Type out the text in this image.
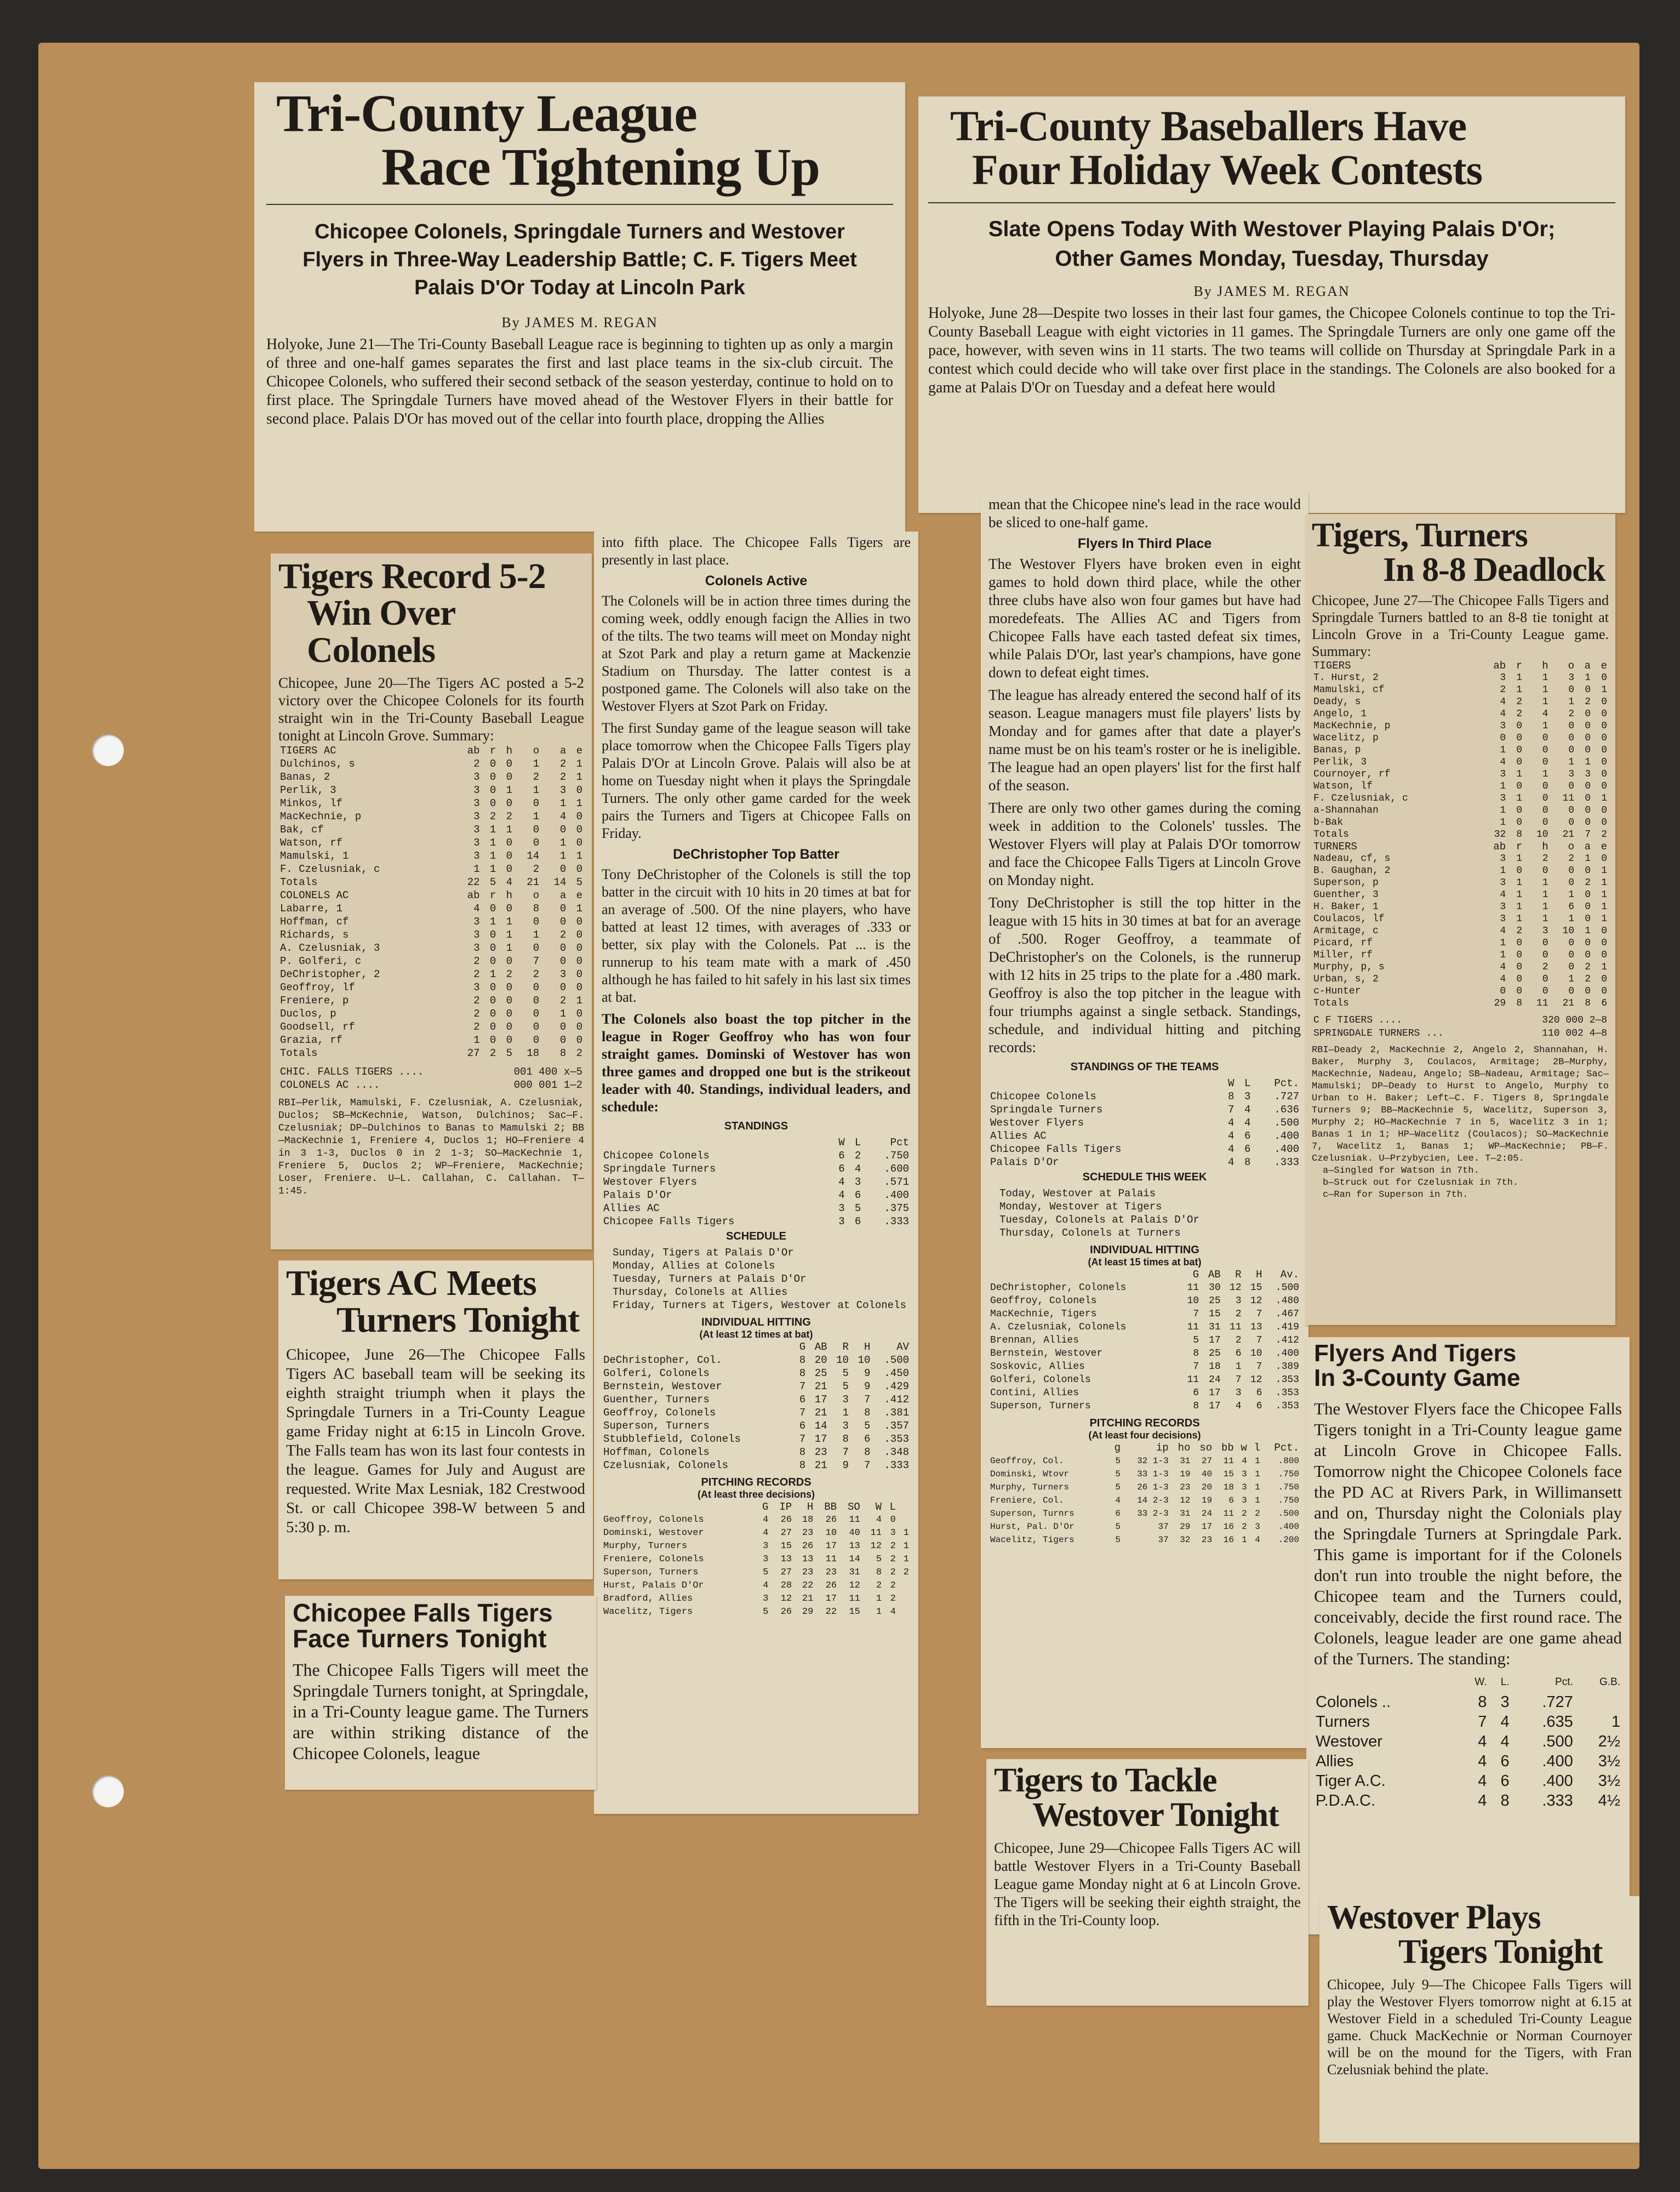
Tri-County League

Race Tightening Up

Chicopee Colonels, Springdale Turners and Westover Flyers in Three-Way Leadership Battle; C. F. Tigers Meet Palais D'Or Today at Lincoln Park

By JAMES M. REGAN

Holyoke, June 21—The Tri-County Baseball League race is beginning to tighten up as only a margin of three and one-half games separates the first and last place teams in the six-club circuit. The Chicopee Colonels, who suffered their second setback of the season yesterday, continue to hold on to first place. The Springdale Turners have moved ahead of the Westover Flyers in their battle for second place. Palais D'Or has moved out of the cellar into fourth place, dropping the Allies

into fifth place. The Chicopee Falls Tigers are presently in last place.

Colonels Active

The Colonels will be in action three times during the coming week, oddly enough facign the Allies in two of the tilts. The two teams will meet on Monday night at Szot Park and play a return game at Mackenzie Stadium on Thursday. The latter contest is a postponed game. The Colonels will also take on the Westover Flyers at Szot Park on Friday.

The first Sunday game of the league season will take place tomorrow when the Chicopee Falls Tigers play Palais D'Or at Lincoln Grove. Palais will also be at home on Tuesday night when it plays the Springdale Turners. The only other game carded for the week pairs the Turners and Tigers at Chicopee Falls on Friday.

DeChristopher Top Batter

Tony DeChristopher of the Colonels is still the top batter in the circuit with 10 hits in 20 times at bat for an average of .500. Of the nine players, who have batted at least 12 times, with averages of .333 or better, six play with the Colonels. Pat ... is the runnerup to his team mate with a mark of .450 although he has failed to hit safely in his last six times at bat.

The Colonels also boast the top pitcher in the league in Roger Geoffroy who has won four straight games. Dominski of Westover has won three games and dropped one but is the strikeout leader with 40. Standings, individual leaders, and schedule:

STANDINGS

	W	L	Pct
Chicopee Colonels	6	2	.750
Springdale Turners	6	4	.600
Westover Flyers	4	3	.571
Palais D'Or	4	6	.400
Allies AC	3	5	.375
Chicopee Falls Tigers	3	6	.333

SCHEDULE

Sunday, Tigers at Palais D'Or
Monday, Allies at Colonels
Tuesday, Turners at Palais D'Or
Thursday, Colonels at Allies
Friday, Turners at Tigers, Westover at Colonels

INDIVIDUAL HITTING

(At least 12 times at bat)

	G	AB	R	H	AV
DeChristopher, Col.	8	20	10	10	.500
Golferi, Colonels	8	25	5	9	.450
Bernstein, Westover	7	21	5	9	.429
Guenther, Turners	6	17	3	7	.412
Geoffroy, Colonels	7	21	1	8	.381
Superson, Turners	6	14	3	5	.357
Stubblefield, Colonels	7	17	8	6	.353
Hoffman, Colonels	8	23	7	8	.348
Czelusniak, Colonels	8	21	9	7	.333

PITCHING RECORDS

(At least three decisions)

	G	IP	H	BB	SO	W	L	
Geoffroy, Colonels	4	26	18	26	11	4	0	
Dominski, Westover	4	27	23	10	40	11	3	1
Murphy, Turners	3	15	26	17	13	12	2	1
Freniere, Colonels	3	13	13	11	14	5	2	1
Superson, Turners	5	27	23	23	31	8	2	2
Hurst, Palais D'Or	4	28	22	26	12	2	2	
Bradford, Allies	3	12	21	17	11	1	2	
Wacelitz, Tigers	5	26	29	22	15	1	4	

Tigers Record 5-2

Win Over Colonels

Chicopee, June 20—The Tigers AC posted a 5-2 victory over the Chicopee Colonels for its fourth straight win in the Tri-County Baseball League tonight at Lincoln Grove. Summary:

TIGERS AC	ab	r	h	o	a	e
Dulchinos, s	2	0	0	1	2	1
Banas, 2	3	0	0	2	2	1
Perlik, 3	3	0	1	1	3	0
Minkos, lf	3	0	0	0	1	1
MacKechnie, p	3	2	2	1	4	0
Bak, cf	3	1	1	0	0	0
Watson, rf	3	1	0	0	1	0
Mamulski, 1	3	1	0	14	1	1
F. Czelusniak, c	1	1	0	2	0	0
Totals	22	5	4	21	14	5
COLONELS AC	ab	r	h	o	a	e
Labarre, 1	4	0	0	8	0	1
Hoffman, cf	3	1	1	0	0	0
Richards, s	3	0	1	1	2	0
A. Czelusniak, 3	3	0	1	0	0	0
P. Golferi, c	2	0	0	7	0	0
DeChristopher, 2	2	1	2	2	3	0
Geoffroy, lf	3	0	0	0	0	0
Freniere, p	2	0	0	0	2	1
Duclos, p	2	0	0	0	1	0
Goodsell, rf	2	0	0	0	0	0
Grazia, rf	1	0	0	0	0	0
Totals	27	2	5	18	8	2
CHIC. FALLS TIGERS ....	001 400 x—5
COLONELS AC ....	000 001 1—2

RBI—Perlik, Mamulski, F. Czelusniak, A. Czelusniak, Duclos; SB—McKechnie, Watson, Dulchinos; Sac—F. Czelusniak; DP—Dulchinos to Banas to Mamulski 2; BB—MacKechnie 1, Freniere 4, Duclos 1; HO—Freniere 4 in 3 1-3, Duclos 0 in 2 1-3; SO—MacKechnie 1, Freniere 5, Duclos 2; WP—Freniere, MacKechnie; Loser, Freniere. U—L. Callahan, C. Callahan. T—1:45.

Tigers AC Meets

Turners Tonight

Chicopee, June 26—The Chicopee Falls Tigers AC baseball team will be seeking its eighth straight triumph when it plays the Springdale Turners in a Tri-County League game Friday night at 6:15 in Lincoln Grove. The Falls team has won its last four contests in the league. Games for July and August are requested. Write Max Lesniak, 182 Crestwood St. or call Chicopee 398-W between 5 and 5:30 p. m.

Chicopee Falls Tigers

Face Turners Tonight

The Chicopee Falls Tigers will meet the Springdale Turners tonight, at Springdale, in a Tri-County league game. The Turners are within striking distance of the Chicopee Colonels, league

Tri-County Baseballers Have

Four Holiday Week Contests

Slate Opens Today With Westover Playing Palais D'Or; Other Games Monday, Tuesday, Thursday

By JAMES M. REGAN

Holyoke, June 28—Despite two losses in their last four games, the Chicopee Colonels continue to top the Tri-County Baseball League with eight victories in 11 games. The Springdale Turners are only one game off the pace, however, with seven wins in 11 starts. The two teams will collide on Thursday at Springdale Park in a contest which could decide who will take over first place in the standings. The Colonels are also booked for a game at Palais D'Or on Tuesday and a defeat here would

mean that the Chicopee nine's lead in the race would be sliced to one-half game.

Flyers In Third Place

The Westover Flyers have broken even in eight games to hold down third place, while the other three clubs have also won four games but have had moredefeats. The Allies AC and Tigers from Chicopee Falls have each tasted defeat six times, while Palais D'Or, last year's champions, have gone down to defeat eight times.

The league has already entered the second half of its season. League managers must file players' lists by Monday and for games after that date a player's name must be on his team's roster or he is ineligible. The league had an open players' list for the first half of the season.

There are only two other games during the coming week in addition to the Colonels' tussles. The Westover Flyers will play at Palais D'Or tomorrow and face the Chicopee Falls Tigers at Lincoln Grove on Monday night.

Tony DeChristopher is still the top hitter in the league with 15 hits in 30 times at bat for an average of .500. Roger Geoffroy, a teammate of DeChristopher's on the Colonels, is the runnerup with 12 hits in 25 trips to the plate for a .480 mark. Geoffroy is also the top pitcher in the league with four triumphs against a single setback. Standings, schedule, and individual hitting and pitching records:

STANDINGS OF THE TEAMS

	W	L	Pct.
Chicopee Colonels	8	3	.727
Springdale Turners	7	4	.636
Westover Flyers	4	4	.500
Allies AC	4	6	.400
Chicopee Falls Tigers	4	6	.400
Palais D'Or	4	8	.333

SCHEDULE THIS WEEK

Today, Westover at Palais
Monday, Westover at Tigers
Tuesday, Colonels at Palais D'Or
Thursday, Colonels at Turners

INDIVIDUAL HITTING

(At least 15 times at bat)

	G	AB	R	H	Av.
DeChristopher, Colonels	11	30	12	15	.500
Geoffroy, Colonels	10	25	3	12	.480
MacKechnie, Tigers	7	15	2	7	.467
A. Czelusniak, Colonels	11	31	11	13	.419
Brennan, Allies	5	17	2	7	.412
Bernstein, Westover	8	25	6	10	.400
Soskovic, Allies	7	18	1	7	.389
Golferi, Colonels	11	24	7	12	.353
Contini, Allies	6	17	3	6	.353
Superson, Turners	8	17	4	6	.353

PITCHING RECORDS

(At least four decisions)

	g	ip	ho	so	bb	w	l	Pct.
Geoffroy, Col.	5	32 1-3	31	27	11	4	1	.800
Dominski, Wtovr	5	33 1-3	19	40	15	3	1	.750
Murphy, Turners	5	26 1-3	23	20	18	3	1	.750
Freniere, Col.	4	14 2-3	12	19	6	3	1	.750
Superson, Turnrs	6	33 2-3	31	24	11	2	2	.500
Hurst, Pal. D'Or	5	37	29	17	16	2	3	.400
Wacelitz, Tigers	5	37	32	23	16	1	4	.200

Tigers, Turners

In 8-8 Deadlock

Chicopee, June 27—The Chicopee Falls Tigers and Springdale Turners battled to an 8-8 tie tonight at Lincoln Grove in a Tri-County League game. Summary:

TIGERS	ab	r	h	o	a	e
T. Hurst, 2	3	1	1	3	1	0
Mamulski, cf	2	1	1	0	0	1
Deady, s	4	2	1	1	2	0
Angelo, 1	4	2	4	2	0	0
MacKechnie, p	3	0	1	0	0	0
Wacelitz, p	0	0	0	0	0	0
Banas, p	1	0	0	0	0	0
Perlik, 3	4	0	0	1	1	0
Cournoyer, rf	3	1	1	3	3	0
Watson, lf	1	0	0	0	0	0
F. Czelusniak, c	3	1	0	11	0	1
a-Shannahan	1	0	0	0	0	0
b-Bak	1	0	0	0	0	0
Totals	32	8	10	21	7	2
TURNERS	ab	r	h	o	a	e
Nadeau, cf, s	3	1	2	2	1	0
B. Gaughan, 2	1	0	0	0	0	1
Superson, p	3	1	1	0	2	1
Guenther, 3	4	1	1	1	0	1
H. Baker, 1	3	1	1	6	0	1
Coulacos, lf	3	1	1	1	0	1
Armitage, c	4	2	3	10	1	0
Picard, rf	1	0	0	0	0	0
Miller, rf	1	0	0	0	0	0
Murphy, p, s	4	0	2	0	2	1
Urban, s, 2	4	0	0	1	2	0
c-Hunter	0	0	0	0	0	0
Totals	29	8	11	21	8	6
C F TIGERS ....	320 000 2—8
SPRINGDALE TURNERS ...	110 002 4—8

RBI—Deady 2, MacKechnie 2, Angelo 2, Shannahan, H. Baker, Murphy 3, Coulacos, Armitage; 2B—Murphy, MacKechnie, Nadeau, Angelo; SB—Nadeau, Armitage; Sac—Mamulski; DP—Deady to Hurst to Angelo, Murphy to Urban to H. Baker; Left—C. F. Tigers 8, Springdale Turners 9; BB—MacKechnie 5, Wacelitz, Superson 3, Murphy 2; HO—MacKechnie 7 in 5, Wacelitz 3 in 1; Banas 1 in 1; HP—Wacelitz (Coulacos); SO—MacKechnie 7, Wacelitz 1, Banas 1; WP—MacKechnie; PB—F. Czelusniak. U—Przybycien, Lee. T—2:05.

a—Singled for Watson in 7th.
b—Struck out for Czelusniak in 7th.
c—Ran for Superson in 7th.

Flyers And Tigers

In 3-County Game

The Westover Flyers face the Chicopee Falls Tigers tonight in a Tri-County league game at Lincoln Grove in Chicopee Falls. Tomorrow night the Chicopee Colonels face the PD AC at Rivers Park, in Willimansett and on, Thursday night the Colonials play the Springdale Turners at Springdale Park. This game is important for if the Colonels don't run into trouble the night before, the Chicopee team and the Turners could, conceivably, decide the first round race. The Colonels, league leader are one game ahead of the Turners. The standing:

	W.	L.	Pct.	G.B.
Colonels ..	8	3	.727	
Turners	7	4	.635	1
Westover	4	4	.500	2½
Allies	4	6	.400	3½
Tiger A.C.	4	6	.400	3½
P.D.A.C.	4	8	.333	4½

Tigers to Tackle

Westover Tonight

Chicopee, June 29—Chicopee Falls Tigers AC will battle Westover Flyers in a Tri-County Baseball League game Monday night at 6 at Lincoln Grove. The Tigers will be seeking their eighth straight, the fifth in the Tri-County loop.	Westover Plays

Tigers Tonight

Chicopee, July 9—The Chicopee Falls Tigers will play the Westover Flyers tomorrow night at 6.15 at Westover Field in a scheduled Tri-County League game. Chuck MacKechnie or Norman Cournoyer will be on the mound for the Tigers, with Fran Czelusniak behind the plate.
